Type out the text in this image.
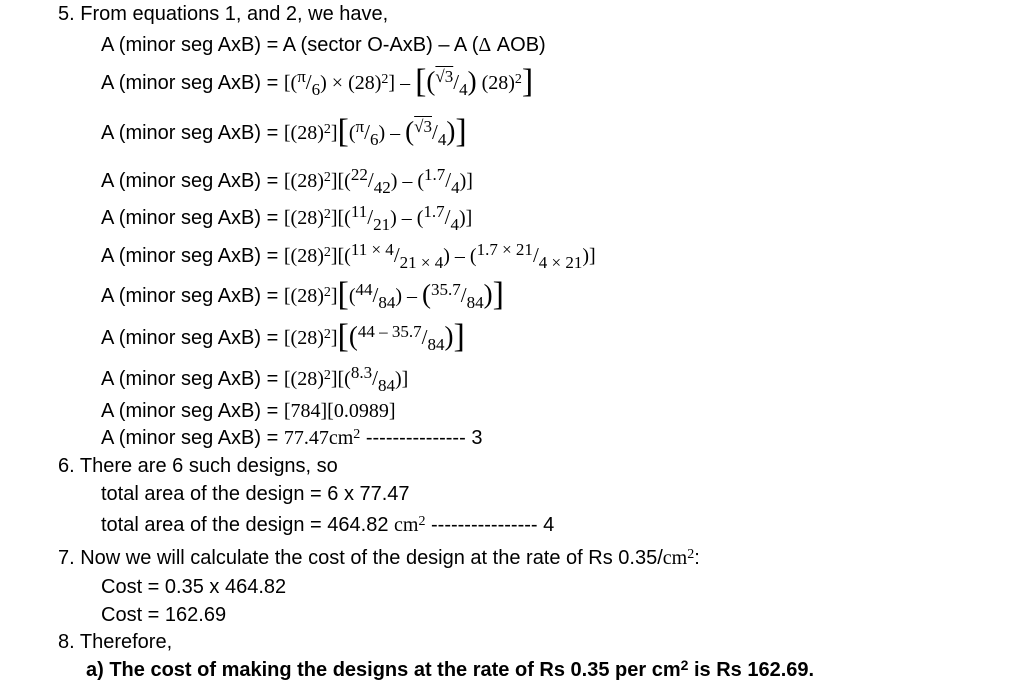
5. From equations 1, and 2, we have,
A (minor seg AxB) = A (sector O-AxB) – A (Δ AOB)
A (minor seg $AxB) = [(^\pi/_6) \times (28)^2] - [(^{√3}/_4)$ $(28)^2$]
A (minor seg $AxB) = [(28)^2][(^\pi/_6) - (^{√3}/_4)]$
A (minor seg $AxB) = [(28)^2][(^{22}/_{42}) - (^{1.7}/_4)]$
A (minor seg $AxB) = [(28)^2][(^{11}/_{21}) - (^{1.7}/_4)]$
A (minor seg $AxB) = [(28)^2][(^{11 \times 4}/_{21 \times 4}) - (^{1.7 \times 21}/_{4 \times 21})]$
A (minor seg $AxB) = [(28)^2][(^{44}/_{84}) - (^{35.7}/_{84})]$
A (minor seg $AxB) = [(28)^2][(^{44 - 35.7}/_{84})]$
A (minor seg $AxB) = [(28)^2][(^{8.3}/_{84})]$
A (minor seg AxB) = [784][0.0989]
A (minor seg $AxB) = 77.47cm^2$ --------------- 3
6. There are 6 such designs, so
total area of the design = 6 x 77.47
total area of the design = 464.82 $cm^2$ ---------------- 4
7. Now we will calculate the cost of the design at the rate of Rs $0.35/cm^2$:
Cost = 0.35 x 464.82
Cost = 162.69
8. Therefore,
a) The cost of making the designs at the rate of Rs 0.35 per $cm^2$ is Rs 162.69.
